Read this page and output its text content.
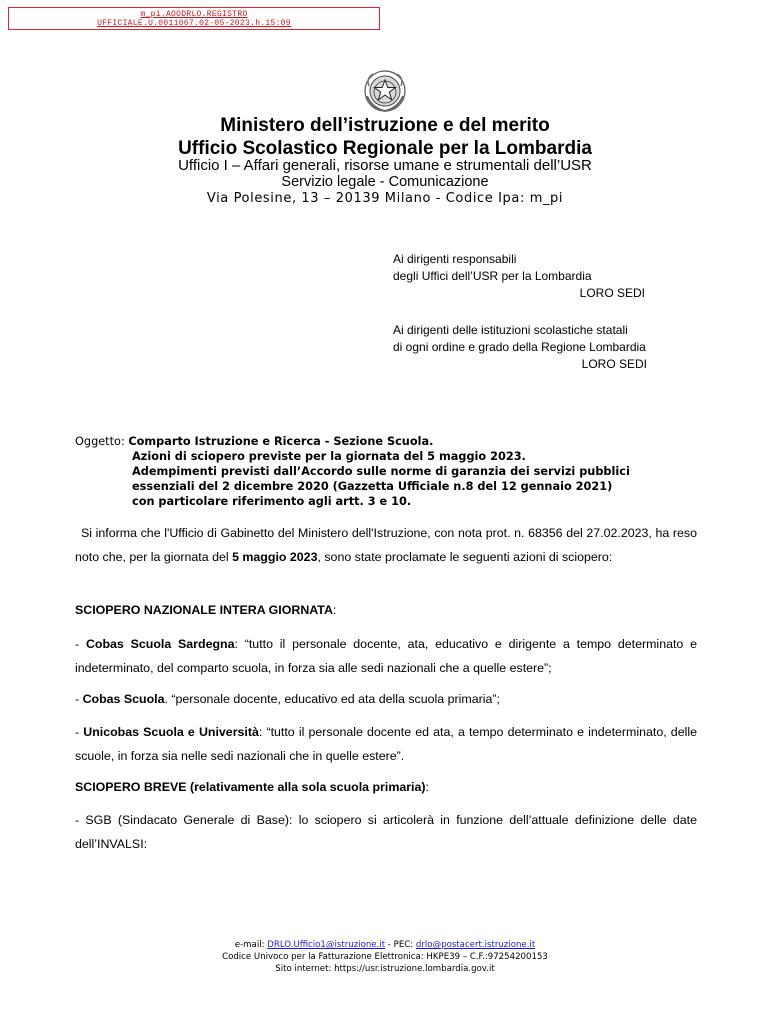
m_pi.AOODRLO.REGISTRO
UFFICIALE.U.0011067.02-05-2023.h.15:09
Ministero dell’istruzione e del merito
Ufficio Scolastico Regionale per la Lombardia
Ufficio I – Affari generali, risorse umane e strumentali dell’USR
Servizio legale - Comunicazione
Via Polesine, 13 – 20139 Milano - Codice Ipa: m_pi
Ai dirigenti responsabili
degli Uffici dell’USR per la Lombardia
LORO SEDI
Ai dirigenti delle istituzioni scolastiche statali
di ogni ordine e grado della Regione Lombardia
LORO SEDI
Oggetto: Comparto Istruzione e Ricerca - Sezione Scuola.
Azioni di sciopero previste per la giornata del 5 maggio 2023.
Adempimenti previsti dall’Accordo sulle norme di garanzia dei servizi pubblici
essenziali del 2 dicembre 2020 (Gazzetta Ufficiale n.8 del 12 gennaio 2021)
con particolare riferimento agli artt. 3 e 10.
Si informa che l'Ufficio di Gabinetto del Ministero dell'Istruzione, con nota prot. n. 68356 del 27.02.2023, ha reso noto che, per la giornata del 5 maggio 2023, sono state proclamate le seguenti azioni di sciopero:
SCIOPERO NAZIONALE INTERA GIORNATA:
- Cobas Scuola Sardegna: “tutto il personale docente, ata, educativo e dirigente a tempo determinato e indeterminato, del comparto scuola, in forza sia alle sedi nazionali che a quelle estere”;
- Cobas Scuola. “personale docente, educativo ed ata della scuola primaria”;
- Unicobas Scuola e Università: “tutto il personale docente ed ata, a tempo determinato e indeterminato, delle scuole, in forza sia nelle sedi nazionali che in quelle estere”.
SCIOPERO BREVE (relativamente alla sola scuola primaria):
- SGB (Sindacato Generale di Base): lo sciopero si articolerà in funzione dell’attuale definizione delle date dell’INVALSI:
e-mail: DRLO.Ufficio1@istruzione.it - PEC: drlo@postacert.istruzione.it
Codice Univoco per la Fatturazione Elettronica: HKPE39 – C.F.:97254200153
Sito internet: https://usr.istruzione.lombardia.gov.it
